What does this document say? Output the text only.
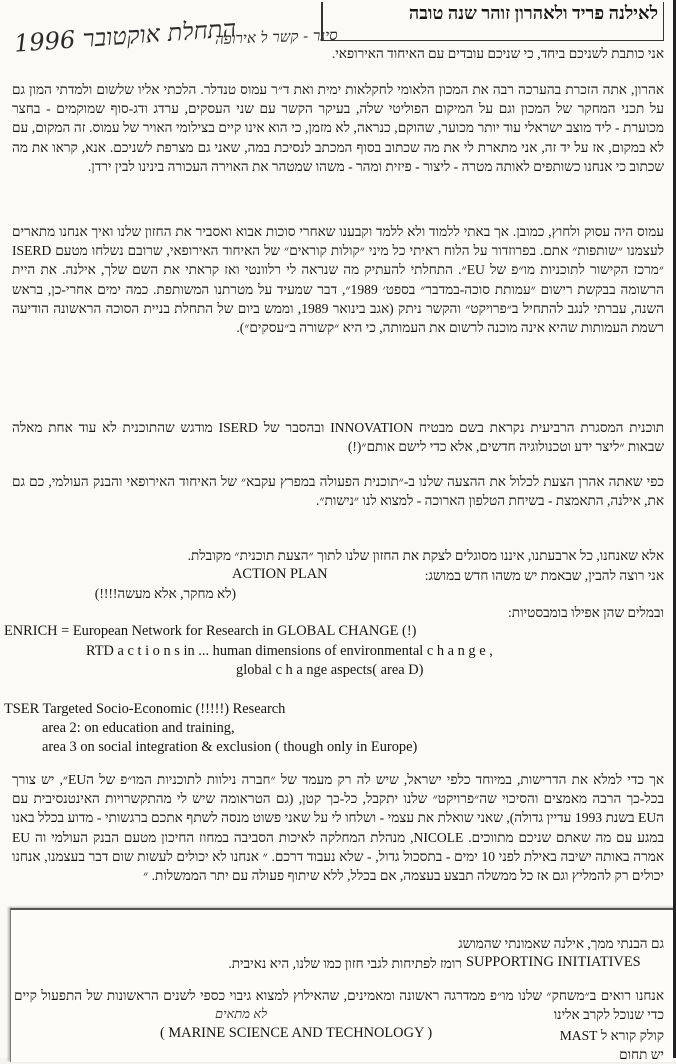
1996 התחלת אוקטובר
סינר - קשר ל אירופה
לאילנה פריד ולאהרון זוהר שנה טובה
אני כותבת לשניכם ביחד, כי שניכם עובדים עם האיחוד האירופאי.
אהרון, אתה הזכרת בהערכה רבה את המכון הלאומי לחקלאות ימית ואת ד״ר עמוס טנדלר. הלכתי אליו שלשום ולמדתי המון גם על תכני המחקר של המכון וגם על המיקום הפוליטי שלה, בעיקר הקשר עם שני העסקים, ערדג ודג-סוף שמוקמים - בחצר מכוערת - ליד מוצב ישראלי עוד יותר מכוער, שהוקם, כנראה, לא מזמן, כי הוא אינו קיים בצילומי האויר של עמוס. זה המקום, עם לא במקום, אז על יד זה, אני מתארת לי את מה שכתוב בסוף המכתב לנסיכת במה, שאני גם מצרפת לשניכם. אנא, קראו את מה שכתוב כי אנחנו כשותפים לאותה מטרה - ליצור - פיזית ומהר - משהו שמטהר את האוירה העכורה בינינו לבין ירדן.
עמוס היה עסוק ולחוץ, כמובן. אך באתי ללמוד ולא ללמד וקבענו שאחרי סוכות אבוא ואסביר את החזון שלנו ואיך אנחנו מתארים לעצמנו ״שותפות״ אתם. בפרוזדור על הלוח ראיתי כל מיני ״קולות קוראים״ של האיחוד האירופאי, שרובם נשלחו מטעם ISERD ״מרכז הקישור לתוכניות מו״פ של EU״. התחלתי להעתיק מה שנראה לי רלוונטי ואז קראתי את השם שלך, אילנה. את היית הרשומה בבקשת רישום ״עמותת סוכה-במדבר״ בספט׳ 1989״, דבר שמעיד על מטרתנו המשותפת. כמה ימים אחרי-כן, בראש השנה, עברתי לנגב להתחיל ב״פרויקט״ והקשר ניתק (אגב בינואר 1989, וממש ביום של התחלת בניית הסוכה הראשונה הודיעה רשמת העמותות שהיא אינה מוכנה לרשום את העמותה, כי היא ״קשורה ב״עסקים״).
תוכנית המסגרת הרביעית נקראת בשם מבטיח INNOVATION ובהסבר של ISERD מודגש שהתוכנית לא עוד אחת מאלה שבאות ״ליצר ידע וטכנולוגיה חדשים, אלא כדי לישם אותם״(!)
כפי שאתה אהרן הצעת לכלול את ההצעה שלנו ב-״תוכנית הפעולה במפרץ עקבא״ של האיחוד האירופאי והבנק העולמי, כם גם את, אילנה, התאמצת - בשיחת הטלפון הארוכה - למצוא לנו ״נישות״.
אלא שאנחנו, כל ארבעתנו, איננו מסוגלים לצקת את החזון שלנו לתוך ״הצעת תוכנית״ מקובלת.
אני רוצה להבין, שבאמת יש משהו חדש במושג:
ACTION PLAN
(לא מחקר, אלא מעשה!!!!)
ובמלים שהן אפילו בומבסטיות:
ENRICH = European Network for Research in GLOBAL CHANGE (!)
RTD a c t i o n s in ... human dimensions of environmental c h a n g e ,
global c h a nge aspects( area D)
TSER Targeted Socio-Economic (!!!!!) Research
area 2: on education and training,
area 3 on social integration & exclusion ( though only in Europe)
אך כדי למלא את הדרישות, במיוחד כלפי ישראל, שיש לה רק מעמד של ״חברה נילוות לתוכניות המו״פ של הEU״, יש צורך בכל-כך הרבה מאמצים והסיכוי שה״פרויקט״ שלנו יתקבל, כל-כך קטן, (גם הטראומה שיש לי מהתקשרויות האינטנסיבית עם הEU בשנת 1993 עדיין גדולה), שאני שואלת את עצמי - ושלחו לי על שאני פשוט מנסה לשתף אתכם ברגשותי - מדוע בכלל באנו במגע עם מה שאתם שניכם מתווכים. NICOLE, מנהלת המחלקה לאיכות הסביבה במחוז החיכון מטעם הבנק העולמי וה EU אמרה באותה ישיבה באילת לפני 10 ימים - בתסכול גדול, - שלא נעבוד דרכם. ״ אנחנו לא יכולים לעשות שום דבר בעצמנו, אנחנו יכולים רק להמליץ וגם אז כל ממשלה תבצע בעצמה, אם בכלל, ללא שיתוף פעולה עם יתר הממשלות. ״
גם הבנתי ממך, אילנה שאמונתי שהמושג
SUPPORTING INITIATIVES
רומז לפתיחות לגבי חזון כמו שלנו, היא נאיבית.
אנחנו רואים ב״משחק״ שלנו מו״פ ממדרגה ראשונה ומאמינים, שהאילוץ למצוא גיבוי כספי לשנים הראשונות של התפעול קיים כדי שנוכל לקרב אלינו
לא מתאים
קולק קורא ל MAST יש תחום
( MARINE SCIENCE AND TECHNOLOGY )
